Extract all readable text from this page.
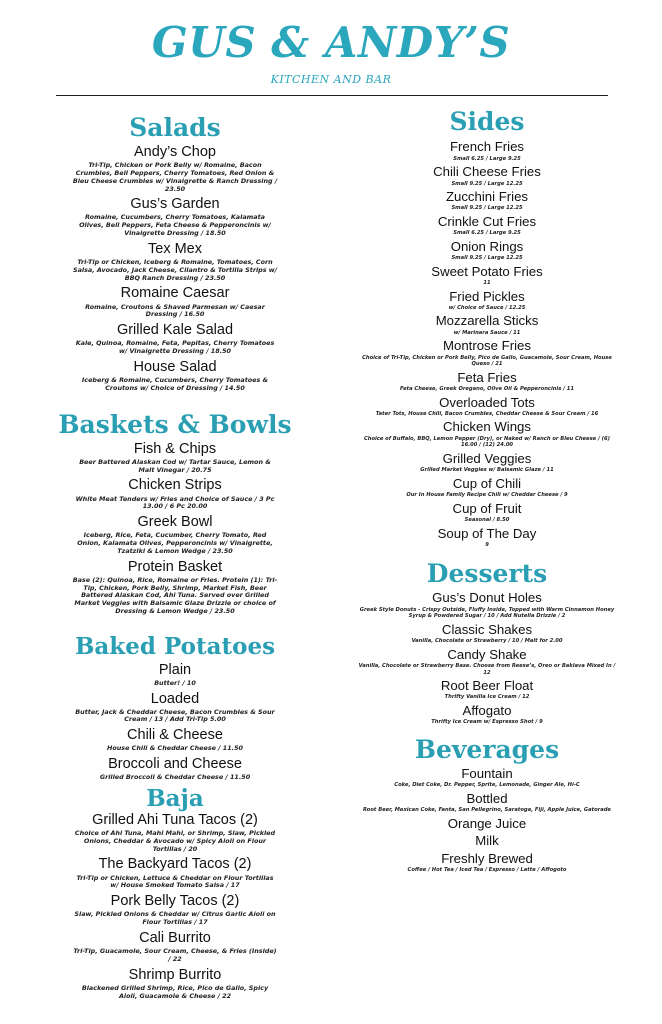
GUS & ANDY’S
KITCHEN AND BAR
Salads
Andy’s Chop
Tri-Tip, Chicken or Pork Belly w/ Romaine, Bacon Crumbles, Bell Peppers, Cherry Tomatoes, Red Onion & Bleu Cheese Crumbles w/ Vinaigrette & Ranch Dressing / 23.50
Gus’s Garden
Romaine, Cucumbers, Cherry Tomatoes, Kalamata Olives, Bell Peppers, Feta Cheese & Pepperoncinis w/ Vinaigrette Dressing / 18.50
Tex Mex
Tri-Tip or Chicken, Iceberg & Romaine, Tomatoes, Corn Salsa, Avocado, Jack Cheese, Cilantro & Tortilla Strips w/ BBQ Ranch Dressing / 23.50
Romaine Caesar
Romaine, Croutons & Shaved Parmesan w/ Caesar Dressing / 16.50
Grilled Kale Salad
Kale, Quinoa, Romaine, Feta, Pepitas, Cherry Tomatoes w/ Vinaigrette Dressing / 18.50
House Salad
Iceberg & Romaine, Cucumbers, Cherry Tomatoes & Croutons w/ Choice of Dressing / 14.50
Baskets & Bowls
Fish & Chips
Beer Battered Alaskan Cod w/ Tartar Sauce, Lemon & Malt Vinegar / 20.75
Chicken Strips
White Meat Tenders w/ Fries and Choice of Sauce / 3 Pc 13.00 / 6 Pc 20.00
Greek Bowl
Iceberg, Rice, Feta, Cucumber, Cherry Tomato, Red Onion, Kalamata Olives, Pepperoncinis w/ Vinaigrette, Tzatziki & Lemon Wedge / 23.50
Protein Basket
Base (2): Quinoa, Rice, Romaine or Fries. Protein (1): Tri-Tip, Chicken, Pork Belly, Shrimp, Market Fish, Beer Battered Alaskan Cod, Ahi Tuna. Served over Grilled Market Veggies with Balsamic Glaze Drizzle or choice of Dressing & Lemon Wedge / 23.50
Baked Potatoes
Plain
Butter! / 10
Loaded
Butter, Jack & Cheddar Cheese, Bacon Crumbles & Sour Cream / 13 / Add Tri-Tip 5.00
Chili & Cheese
House Chili & Cheddar Cheese / 11.50
Broccoli and Cheese
Grilled Broccoli & Cheddar Cheese / 11.50
Baja
Grilled Ahi Tuna Tacos (2)
Choice of Ahi Tuna, Mahi Mahi, or Shrimp, Slaw, Pickled Onions, Cheddar & Avocado w/ Spicy Aioli on Flour Tortillas / 20
The Backyard Tacos (2)
Tri-Tip or Chicken, Lettuce & Cheddar on Flour Tortillas w/ House Smoked Tomato Salsa / 17
Pork Belly Tacos (2)
Slaw, Pickled Onions & Cheddar w/ Citrus Garlic Aioli on Flour Tortillas / 17
Cali Burrito
Tri-Tip, Guacamole, Sour Cream, Cheese, & Fries (Inside) / 22
Shrimp Burrito
Blackened Grilled Shrimp, Rice, Pico de Gallo, Spicy Aioli, Guacamole & Cheese / 22
Sides
French Fries
Small 6.25 / Large 9.25
Chili Cheese Fries
Small 9.25 / Large 12.25
Zucchini Fries
Small 9.25 / Large 12.25
Crinkle Cut Fries
Small 6.25 / Large 9.25
Onion Rings
Small 9.25 / Large 12.25
Sweet Potato Fries
11
Fried Pickles
w/ Choice of Sauce / 12.25
Mozzarella Sticks
w/ Marinara Sauce / 11
Montrose Fries
Choice of Tri-Tip, Chicken or Pork Belly, Pico de Gallo, Guacamole, Sour Cream, House Queso / 21
Feta Fries
Feta Cheese, Greek Oregano, Olive Oil & Pepperoncinis / 11
Overloaded Tots
Tater Tots, House Chili, Bacon Crumbles, Cheddar Cheese & Sour Cream / 16
Chicken Wings
Choice of Buffalo, BBQ, Lemon Pepper (Dry), or Naked w/ Ranch or Bleu Cheese / (6) 16.00 / (12) 24.00
Grilled Veggies
Grilled Market Veggies w/ Balsamic Glaze / 11
Cup of Chili
Our In House Family Recipe Chili w/ Cheddar Cheese / 9
Cup of Fruit
Seasonal / 8.50
Soup of The Day
9
Desserts
Gus’s Donut Holes
Greek Style Donuts - Crispy Outside, Fluffy Inside, Topped with Warm Cinnamon Honey Syrup & Powdered Sugar / 10 / Add Nutella Drizzle / 2
Classic Shakes
Vanilla, Chocolate or Strawberry / 10 / Malt for 2.00
Candy Shake
Vanilla, Chocolate or Strawberry Base. Choose from Reese’s, Oreo or Baklava Mixed In / 12
Root Beer Float
Thrifty Vanilla Ice Cream / 12
Affogato
Thrifty Ice Cream w/ Espresso Shot / 9
Beverages
Fountain
Coke, Diet Coke, Dr. Pepper, Sprite, Lemonade, Ginger Ale, Hi-C
Bottled
Root Beer, Mexican Coke, Fanta, San Pellegrino, Saratoga, Fiji, Apple Juice, Gatorade
Orange Juice
Milk
Freshly Brewed
Coffee / Hot Tea / Iced Tea / Espresso / Latte / Affogoto
